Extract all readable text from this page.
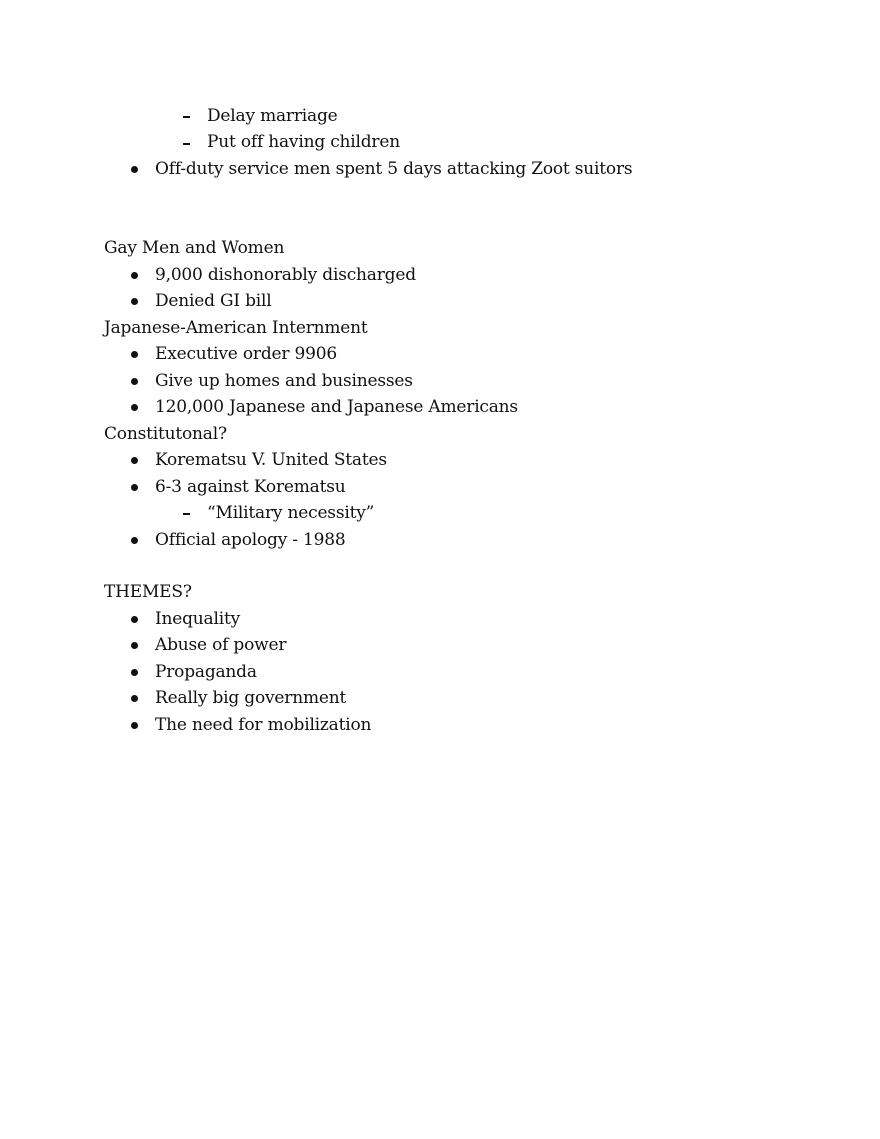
Delay marriage
Put off having children
Off-duty service men spent 5 days attacking Zoot suitors
Gay Men and Women
9,000 dishonorably discharged
Denied GI bill
Japanese-American Internment
Executive order 9906
Give up homes and businesses
120,000 Japanese and Japanese Americans
Constitutonal?
Korematsu V. United States
6-3 against Korematsu
“Military necessity”
Official apology - 1988
THEMES?
Inequality
Abuse of power
Propaganda
Really big government
The need for mobilization
